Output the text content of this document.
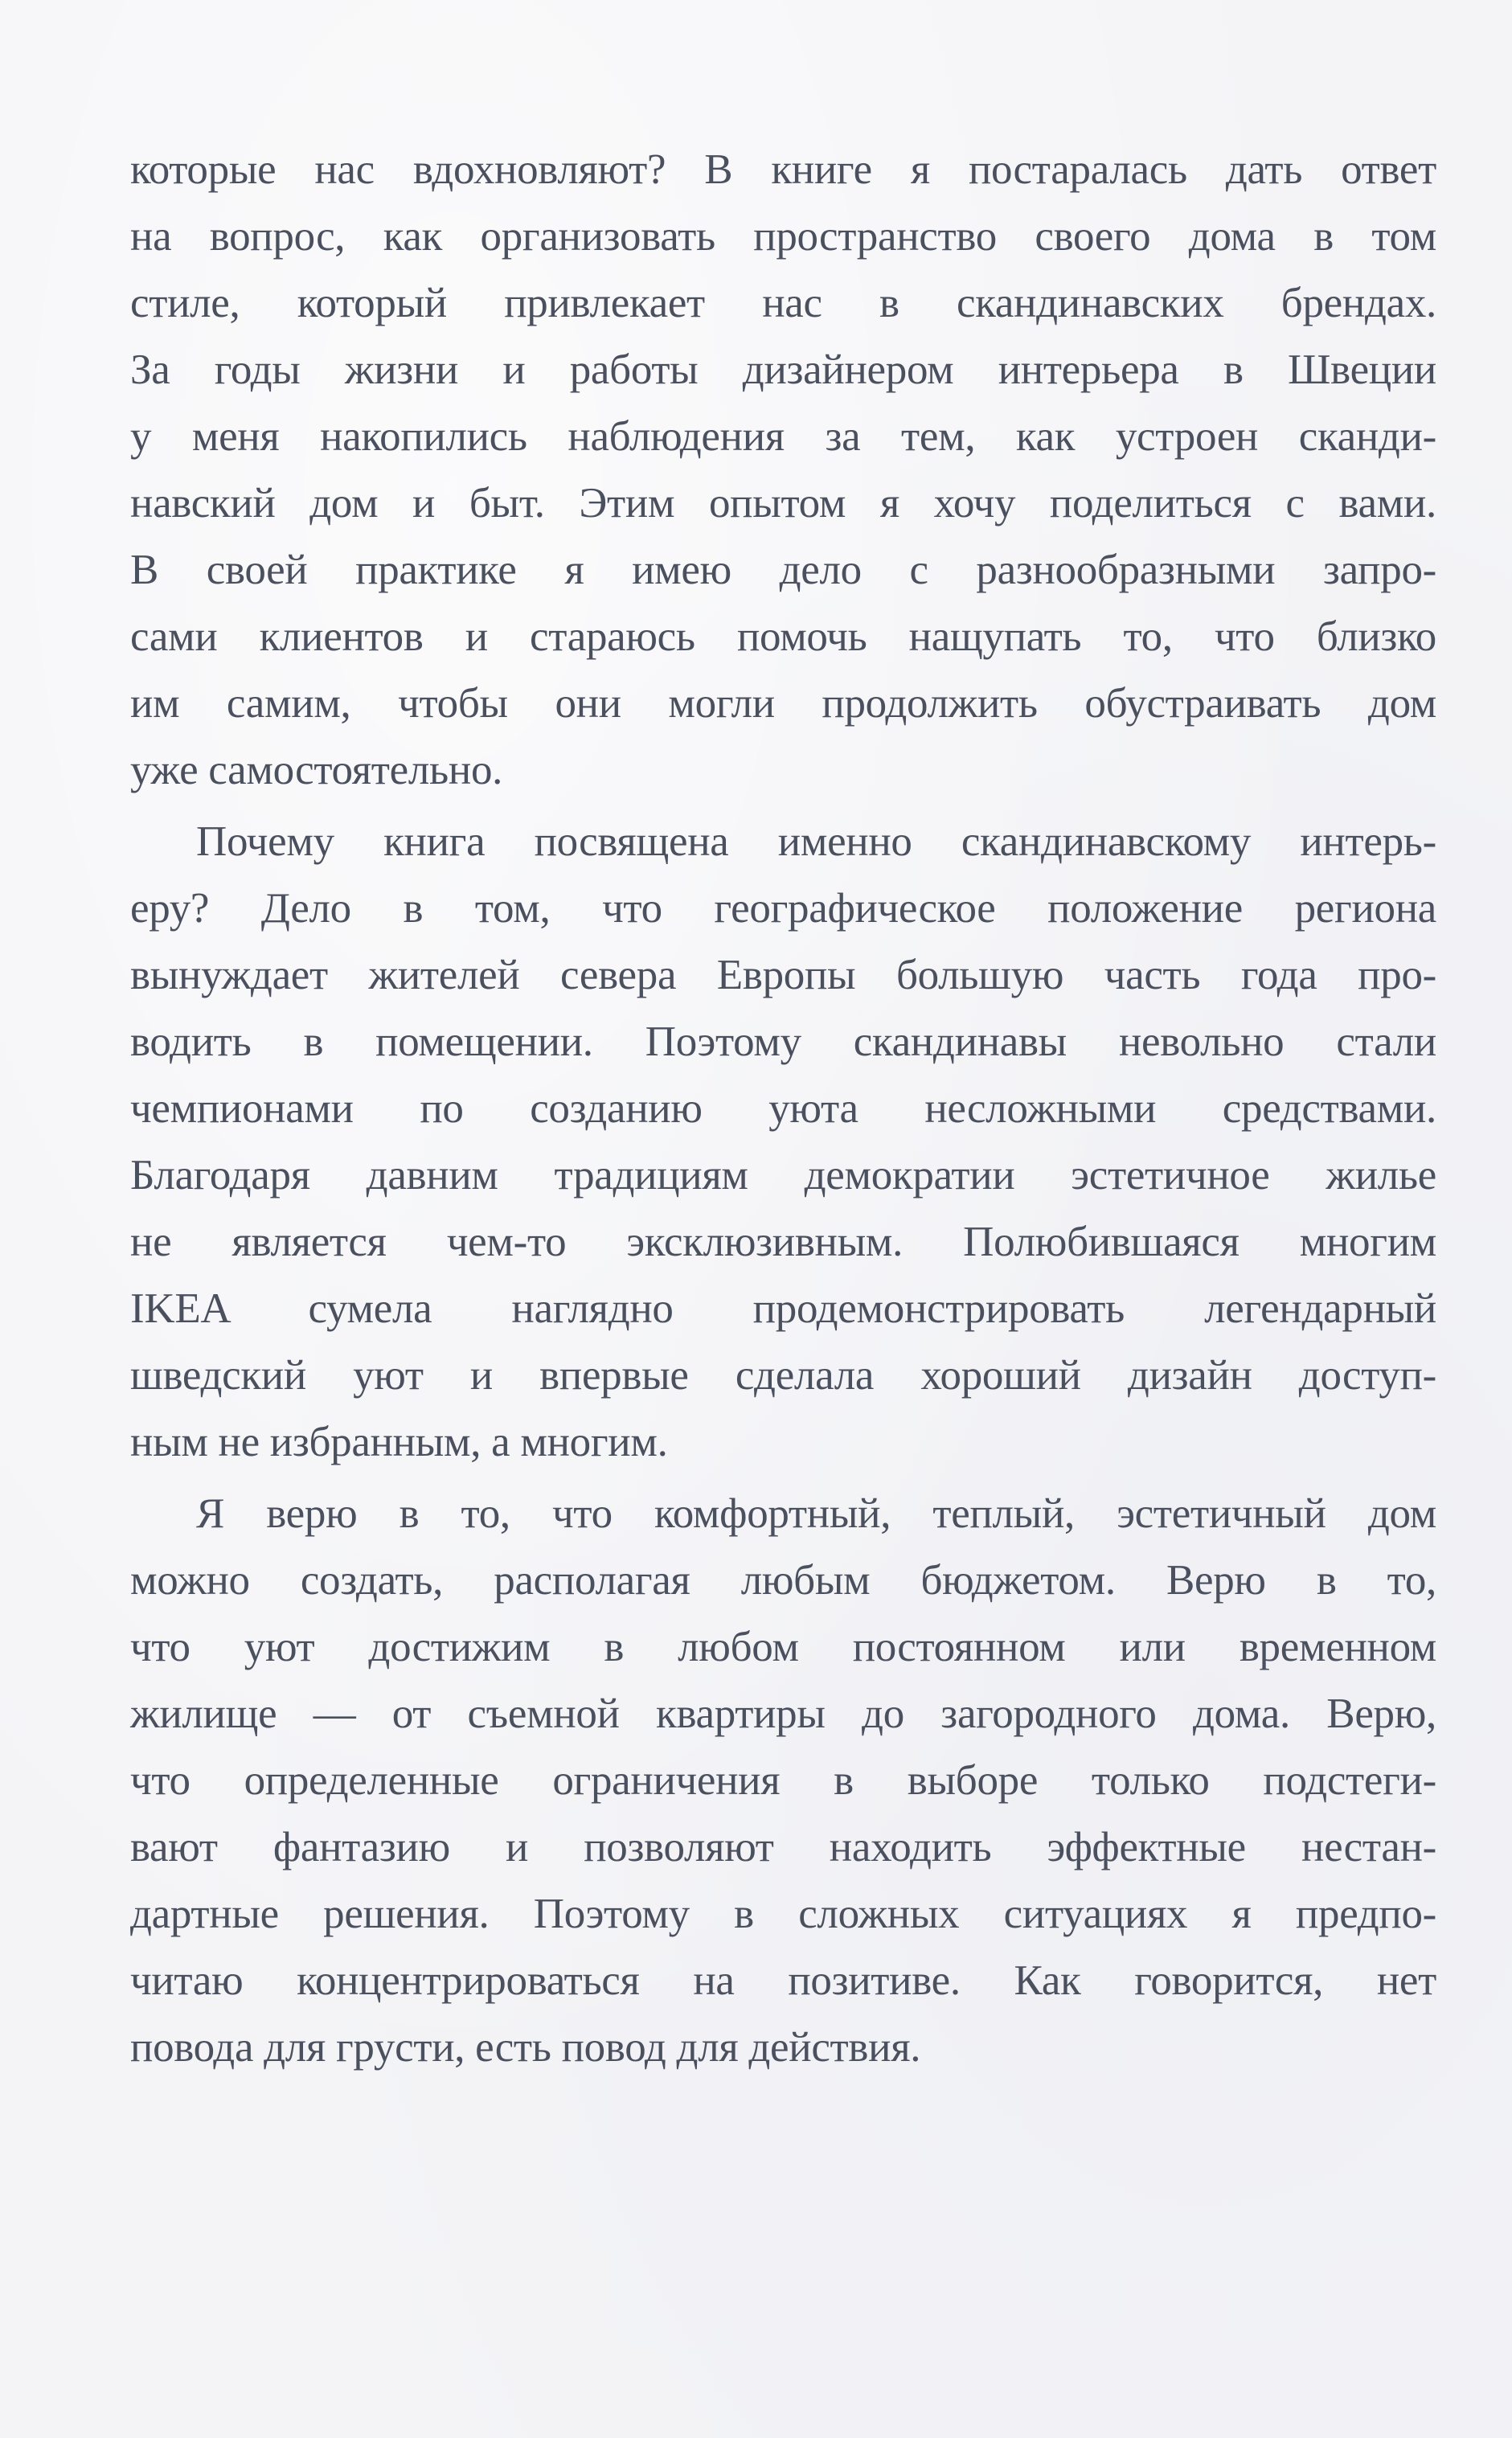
которые нас вдохновляют? В книге я постаралась дать ответ
на вопрос, как организовать пространство своего дома в том
стиле, который привлекает нас в скандинавских брендах.
За годы жизни и работы дизайнером интерьера в Швеции
у меня накопились наблюдения за тем, как устроен сканди-
навский дом и быт. Этим опытом я хочу поделиться с вами.
В своей практике я имею дело с разнообразными запро-
сами клиентов и стараюсь помочь нащупать то, что близко
им самим, чтобы они могли продолжить обустраивать дом
уже самостоятельно.

Почему книга посвящена именно скандинавскому интерь-
еру? Дело в том, что географическое положение региона
вынуждает жителей севера Европы большую часть года про-
водить в помещении. Поэтому скандинавы невольно стали
чемпионами по созданию уюта несложными средствами.
Благодаря давним традициям демократии эстетичное жилье
не является чем-то эксклюзивным. Полюбившаяся многим
IKEA сумела наглядно продемонстрировать легендарный
шведский уют и впервые сделала хороший дизайн доступ-
ным не избранным, а многим.

Я верю в то, что комфортный, теплый, эстетичный дом
можно создать, располагая любым бюджетом. Верю в то,
что уют достижим в любом постоянном или временном
жилище — от съемной квартиры до загородного дома. Верю,
что определенные ограничения в выборе только подстеги-
вают фантазию и позволяют находить эффектные нестан-
дартные решения. Поэтому в сложных ситуациях я предпо-
читаю концентрироваться на позитиве. Как говорится, нет
повода для грусти, есть повод для действия.
